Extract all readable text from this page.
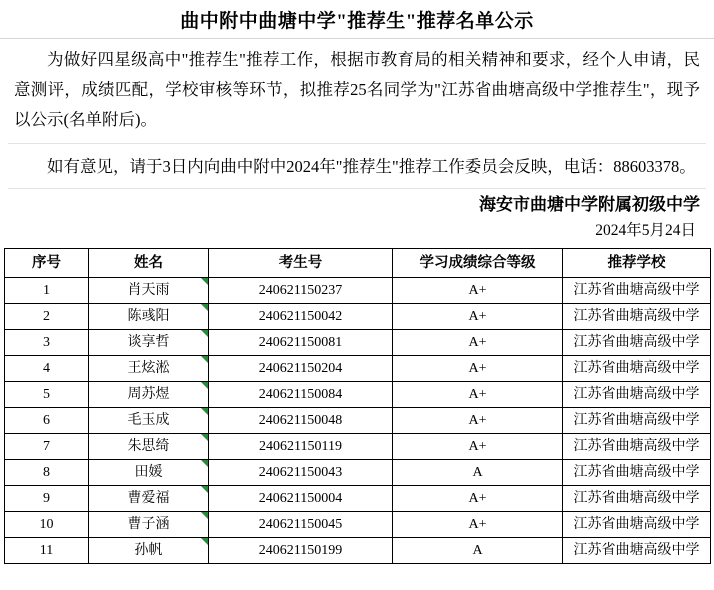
曲中附中曲塘中学"推荐生"推荐名单公示
为做好四星级高中"推荐生"推荐工作，根据市教育局的相关精神和要求，经个人申请，民意测评，成绩匹配，学校审核等环节，拟推荐25名同学为"江苏省曲塘高级中学推荐生"，现予以公示(名单附后)。
如有意见，请于3日内向曲中附中2024年"推荐生"推荐工作委员会反映，电话：88603378。
海安市曲塘中学附属初级中学
2024年5月24日
序号	姓名	考生号	学习成绩综合等级	推荐学校
1	肖天雨	240621150237	A+	江苏省曲塘高级中学
2	陈彧阳	240621150042	A+	江苏省曲塘高级中学
3	谈享哲	240621150081	A+	江苏省曲塘高级中学
4	王炫淞	240621150204	A+	江苏省曲塘高级中学
5	周苏煜	240621150084	A+	江苏省曲塘高级中学
6	毛玉成	240621150048	A+	江苏省曲塘高级中学
7	朱思绮	240621150119	A+	江苏省曲塘高级中学
8	田媛	240621150043	A	江苏省曲塘高级中学
9	曹爱福	240621150004	A+	江苏省曲塘高级中学
10	曹子涵	240621150045	A+	江苏省曲塘高级中学
11	孙帆	240621150199	A	江苏省曲塘高级中学
